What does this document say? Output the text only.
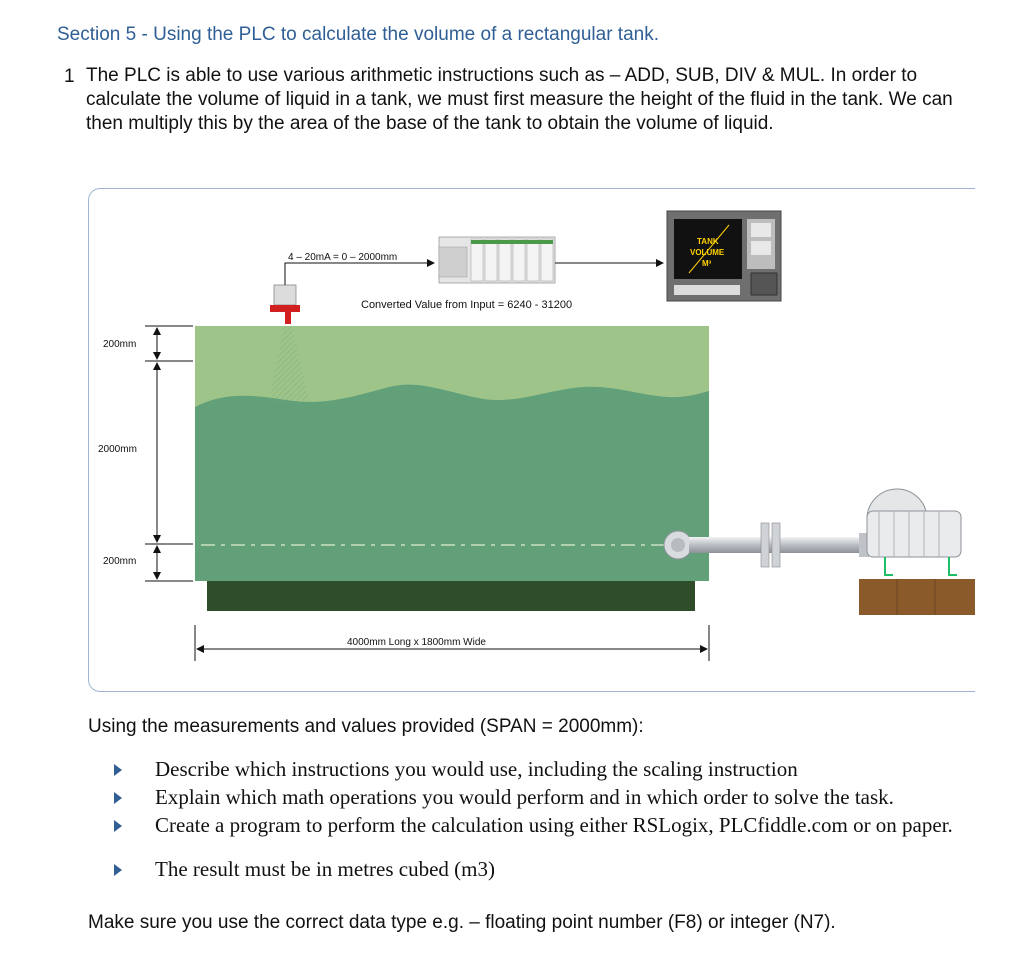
Section 5 - Using the PLC to calculate the volume of a rectangular tank.
1 The PLC is able to use various arithmetic instructions such as – ADD, SUB, DIV & MUL. In order to calculate the volume of liquid in a tank, we must first measure the height of the fluid in the tank. We can then multiply this by the area of the base of the tank to obtain the volume of liquid.
4 – 20mA = 0 – 2000mm
Converted Value from Input = 6240 - 31200
TANK
VOLUME
M³
200mm
2000mm
200mm
4000mm Long x 1800mm Wide
Using the measurements and values provided (SPAN = 2000mm):
Describe which instructions you would use, including the scaling instruction
Explain which math operations you would perform and in which order to solve the task.
Create a program to perform the calculation using either RSLogix, PLCfiddle.com or on paper.
The result must be in metres cubed (m3)
Make sure you use the correct data type e.g. – floating point number (F8) or integer (N7).
